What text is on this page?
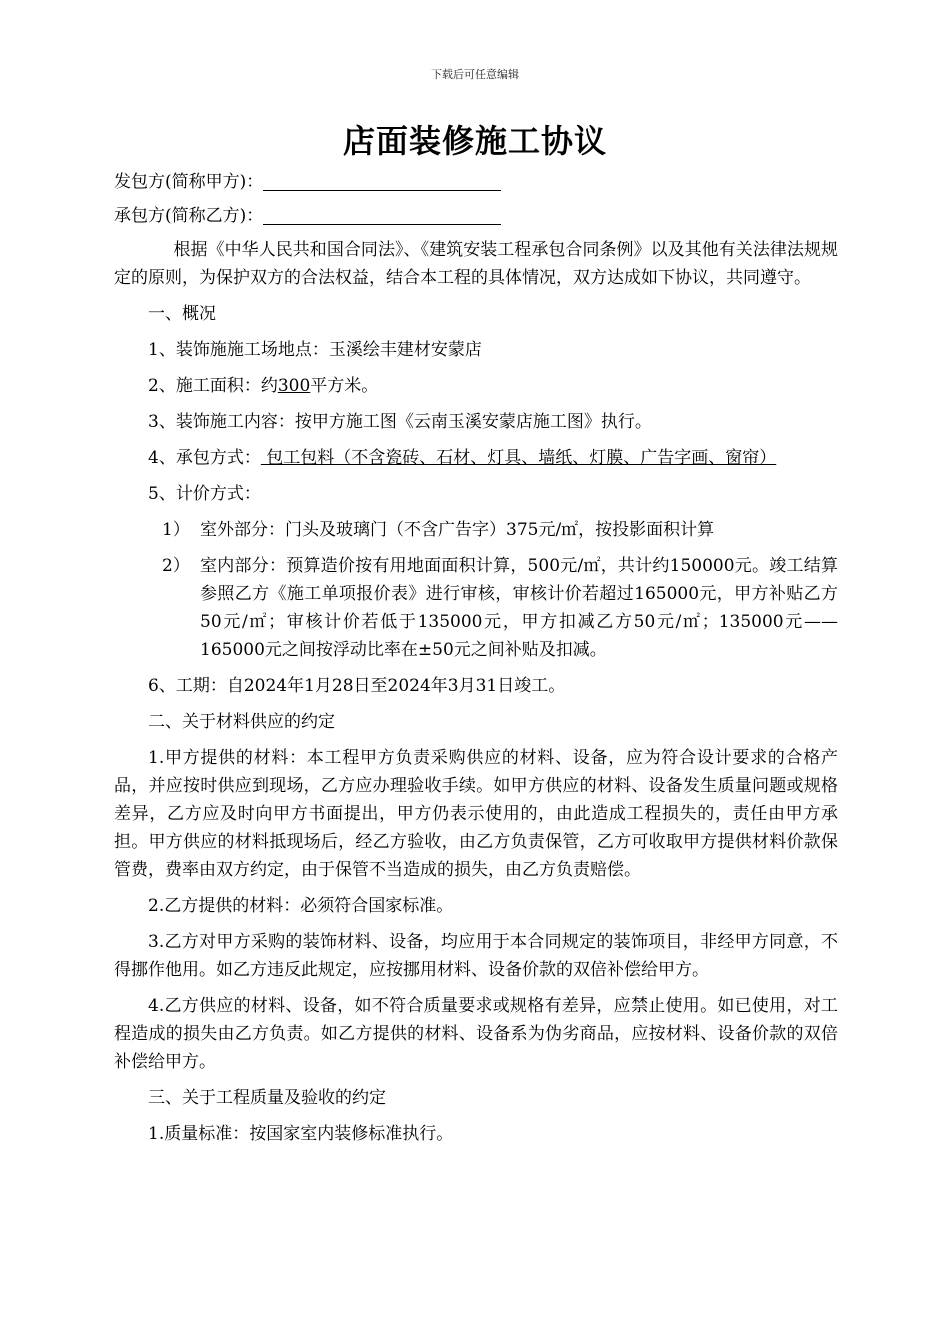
下载后可任意编辑
店面装修施工协议
发包方(简称甲方)：
承包方(简称乙方)：
根据《中华人民共和国合同法》、《建筑安装工程承包合同条例》以及其他有关法律法规规定的原则，为保护双方的合法权益，结合本工程的具体情况，双方达成如下协议，共同遵守。
一、概况
1、装饰施施工场地点：玉溪绘丰建材安蒙店
2、施工面积：约300平方米。
3、装饰施工内容：按甲方施工图《云南玉溪安蒙店施工图》执行。
4、承包方式： 包工包料（不含瓷砖、石材、灯具、墙纸、灯膜、广告字画、窗帘）
5、计价方式：
1） 室外部分：门头及玻璃门（不含广告字）375元/㎡，按投影面积计算
2） 室内部分：预算造价按有用地面面积计算，500元/㎡，共计约150000元。竣工结算参照乙方《施工单项报价表》进行审核，审核计价若超过165000元，甲方补贴乙方50元/㎡；审核计价若低于135000元，甲方扣减乙方50元/㎡；135000元——165000元之间按浮动比率在±50元之间补贴及扣减。
6、工期：自2024年1月28日至2024年3月31日竣工。
二、关于材料供应的约定
1.甲方提供的材料：本工程甲方负责采购供应的材料、设备，应为符合设计要求的合格产品，并应按时供应到现场，乙方应办理验收手续。如甲方供应的材料、设备发生质量问题或规格差异，乙方应及时向甲方书面提出，甲方仍表示使用的，由此造成工程损失的，责任由甲方承担。甲方供应的材料抵现场后，经乙方验收，由乙方负责保管，乙方可收取甲方提供材料价款保管费，费率由双方约定，由于保管不当造成的损失，由乙方负责赔偿。
2.乙方提供的材料：必须符合国家标准。
3.乙方对甲方采购的装饰材料、设备，均应用于本合同规定的装饰项目，非经甲方同意，不得挪作他用。如乙方违反此规定，应按挪用材料、设备价款的双倍补偿给甲方。
4.乙方供应的材料、设备，如不符合质量要求或规格有差异，应禁止使用。如已使用，对工程造成的损失由乙方负责。如乙方提供的材料、设备系为伪劣商品，应按材料、设备价款的双倍补偿给甲方。
三、关于工程质量及验收的约定
1.质量标准：按国家室内装修标准执行。
